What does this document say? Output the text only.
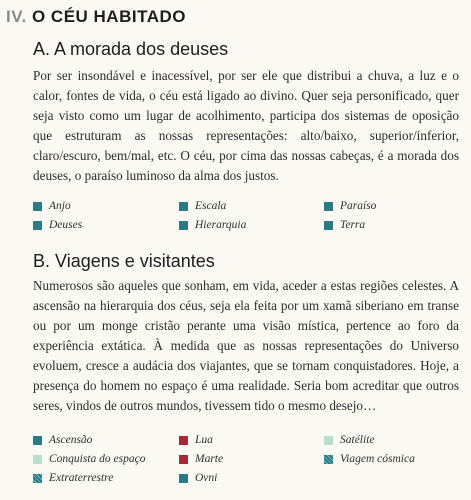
IV. O CÉU HABITADO
A. A morada dos deuses
Por ser insondável e inacessível, por ser ele que distribui a chuva, a luz e o calor, fontes de vida, o céu está ligado ao divino. Quer seja personificado, quer seja visto como um lugar de acolhimento, participa dos sistemas de oposição que estruturam as nossas representações: alto/baixo, superior/inferior, claro/escuro, bem/mal, etc. O céu, por cima das nossas cabeças, é a morada dos deuses, o paraíso luminoso da alma dos justos.
Anjo	Escala	Paraíso
Deuses	Hierarquia	Terra
B. Viagens e visitantes
Numerosos são aqueles que sonham, em vida, aceder a estas regiões celestes. A ascensão na hierarquia dos céus, seja ela feita por um xamã siberiano em transe ou por um monge cristão perante uma visão mística, pertence ao foro da experiência extática. À medida que as nossas representações do Universo evoluem, cresce a audácia dos viajantes, que se tornam conquistadores. Hoje, a presença do homem no espaço é uma realidade. Seria bom acreditar que outros seres, vindos de outros mundos, tivessem tido o mesmo desejo…
Ascensão	Lua	Satélite
Conquista do espaço	Marte	Viagem cósmica
Extraterrestre	Ovni
